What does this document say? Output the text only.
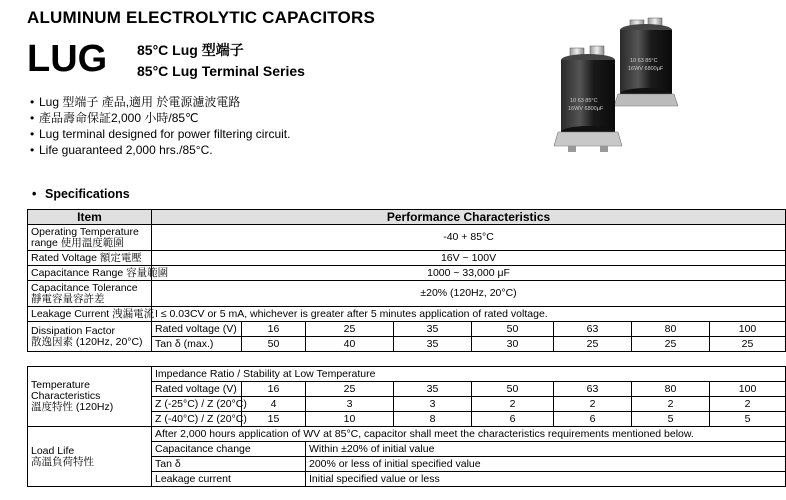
ALUMINUM ELECTROLYTIC CAPACITORS
LUG 85°C Lug 型端子
85°C Lug Terminal Series
• Lug 型端子 產品,適用 於電源濾波電路
• 產品壽命保証2,000 小時/85℃
• Lug terminal designed for power filtering circuit.
• Life guaranteed 2,000 hrs./85°C.
10 63 85°C
16WV 6800μF
10 63 85°C
16WV 6800μF
• Specifications
Item	Performance Characteristics							
Operating Temperature
range 使用溫度範圍	-40 + 85°C							
Rated Voltage 額定電壓	16V ~ 100V							
Capacitance Range 容量範圍	1000 ~ 33,000 μF							
Capacitance Tolerance
靜電容量容許差	±20% (120Hz, 20°C)							
Leakage Current 洩漏電流	I ≤ 0.03CV or 5 mA, whichever is greater after 5 minutes application of rated voltage.							
Dissipation Factor
散逸因素 (120Hz, 20°C)	Rated voltage (V)	16	25	35	50	63	80	100
	Tan δ (max.)	50	40	35	30	25	25	25
Temperature
Characteristics
溫度特性 (120Hz)	Impedance Ratio / Stability at Low Temperature							
	Rated voltage (V)	16	25	35	50	63	80	100
	Z (-25°C) / Z (20°C)	4	3	3	2	2	2	2
	Z (-40°C) / Z (20°C)	15	10	8	6	6	5	5
Load Life
高溫負荷特性	After 2,000 hours application of WV at 85°C, capacitor shall meet the characteristics requirements mentioned below.							
	Capacitance change		Within ±20% of initial value					
	Tan δ		200% or less of initial specified value					
	Leakage current		Initial specified value or less					
